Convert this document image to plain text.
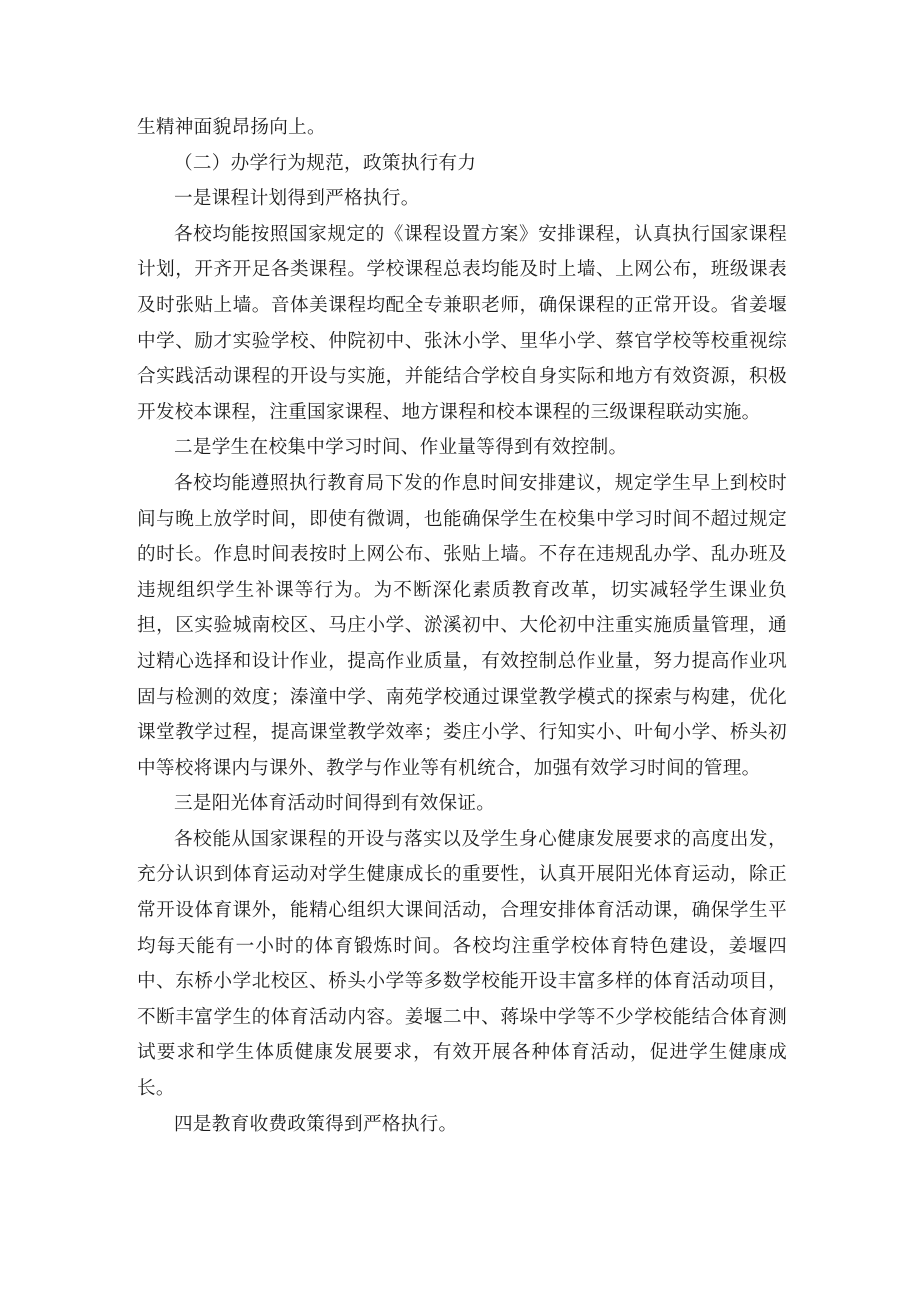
生精神面貌昂扬向上。

（二）办学行为规范，政策执行有力

一是课程计划得到严格执行。

各校均能按照国家规定的《课程设置方案》安排课程，认真执行国家课程计划，开齐开足各类课程。学校课程总表均能及时上墙、上网公布，班级课表及时张贴上墙。音体美课程均配全专兼职老师，确保课程的正常开设。省姜堰中学、励才实验学校、仲院初中、张沐小学、里华小学、蔡官学校等校重视综合实践活动课程的开设与实施，并能结合学校自身实际和地方有效资源，积极开发校本课程，注重国家课程、地方课程和校本课程的三级课程联动实施。

二是学生在校集中学习时间、作业量等得到有效控制。

各校均能遵照执行教育局下发的作息时间安排建议，规定学生早上到校时间与晚上放学时间，即使有微调，也能确保学生在校集中学习时间不超过规定的时长。作息时间表按时上网公布、张贴上墙。不存在违规乱办学、乱办班及违规组织学生补课等行为。为不断深化素质教育改革，切实减轻学生课业负担，区实验城南校区、马庄小学、淤溪初中、大伦初中注重实施质量管理，通过精心选择和设计作业，提高作业质量，有效控制总作业量，努力提高作业巩固与检测的效度；溱潼中学、南苑学校通过课堂教学模式的探索与构建，优化课堂教学过程，提高课堂教学效率；娄庄小学、行知实小、叶甸小学、桥头初中等校将课内与课外、教学与作业等有机统合，加强有效学习时间的管理。

三是阳光体育活动时间得到有效保证。

各校能从国家课程的开设与落实以及学生身心健康发展要求的高度出发，充分认识到体育运动对学生健康成长的重要性，认真开展阳光体育运动，除正常开设体育课外，能精心组织大课间活动，合理安排体育活动课，确保学生平均每天能有一小时的体育锻炼时间。各校均注重学校体育特色建设，姜堰四中、东桥小学北校区、桥头小学等多数学校能开设丰富多样的体育活动项目，不断丰富学生的体育活动内容。姜堰二中、蒋垛中学等不少学校能结合体育测试要求和学生体质健康发展要求，有效开展各种体育活动，促进学生健康成长。

四是教育收费政策得到严格执行。
